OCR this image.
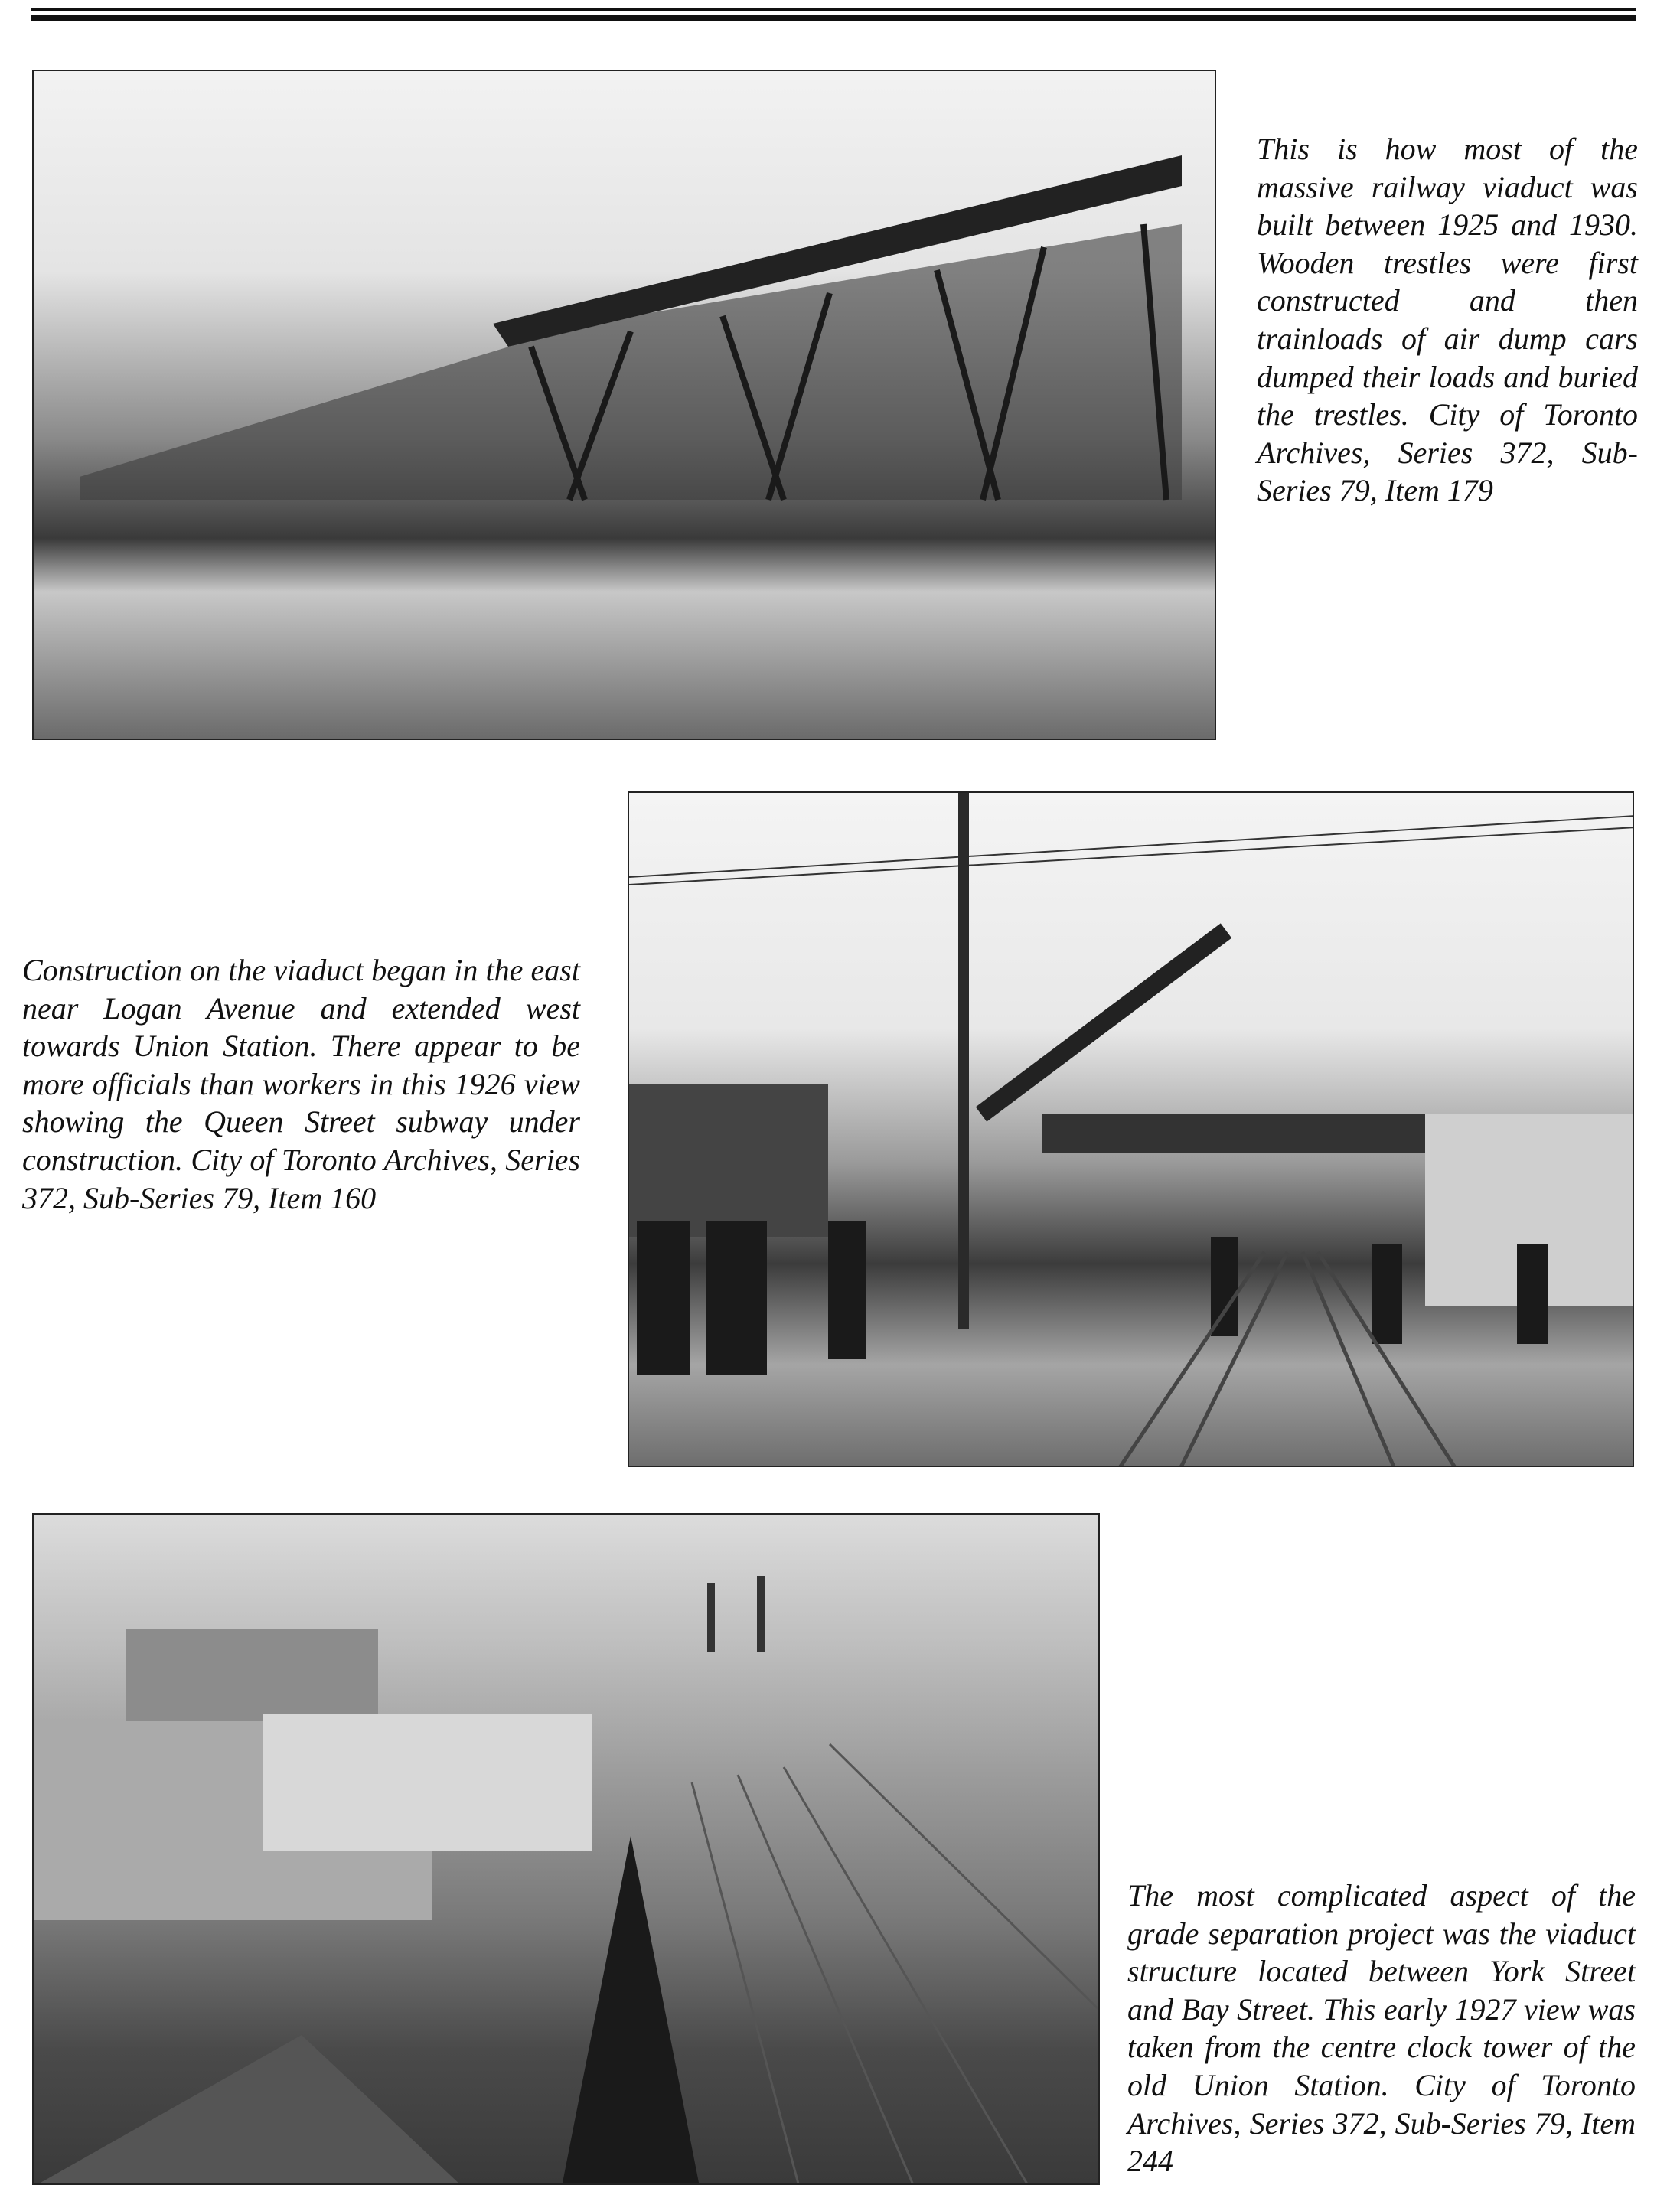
This is how most of the massive railway viaduct was built between 1925 and 1930. Wooden trestles were first constructed and then trainloads of air dump cars dumped their loads and buried the trestles. City of Toronto Archives, Series 372, Sub-Series 79, Item 179
Construction on the viaduct began in the east near Logan Avenue and extended west towards Union Station. There appear to be more officials than workers in this 1926 view showing the Queen Street subway under construction. City of Toronto Archives, Series 372, Sub-Series 79, Item 160
The most complicated aspect of the grade separation project was the viaduct structure located between York Street and Bay Street. This early 1927 view was taken from the centre clock tower of the old Union Station. City of Toronto Archives, Series 372, Sub-Series 79, Item 244
